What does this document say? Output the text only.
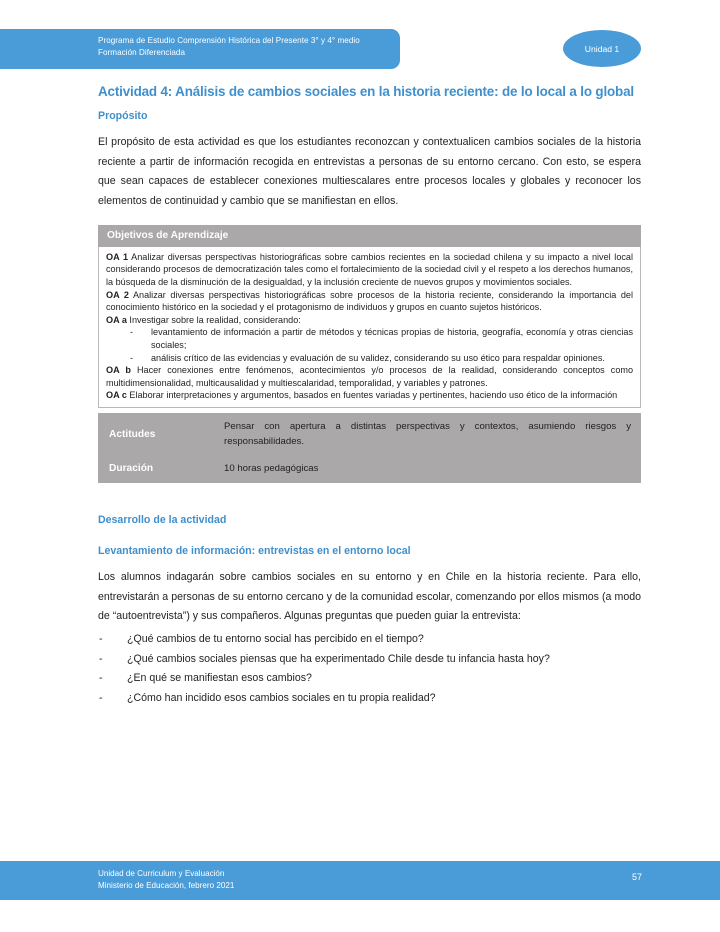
Programa de Estudio Comprensión Histórica del Presente 3° y 4° medio
Formación Diferenciada	Unidad 1
Actividad 4: Análisis de cambios sociales en la historia reciente: de lo local a lo global
Propósito

El propósito de esta actividad es que los estudiantes reconozcan y contextualicen cambios sociales de la historia reciente a partir de información recogida en entrevistas a personas de su entorno cercano. Con esto, se espera que sean capaces de establecer conexiones multiescalares entre procesos locales y globales y reconocer los elementos de continuidad y cambio que se manifiestan en ellos.

Objetivos de Aprendizaje

OA 1 Analizar diversas perspectivas historiográficas sobre cambios recientes en la sociedad chilena y su impacto a nivel local considerando procesos de democratización tales como el fortalecimiento de la sociedad civil y el respeto a los derechos humanos, la búsqueda de la disminución de la desigualdad, y la inclusión creciente de nuevos grupos y movimientos sociales.

OA 2 Analizar diversas perspectivas historiográficas sobre procesos de la historia reciente, considerando la importancia del conocimiento histórico en la sociedad y el protagonismo de individuos y grupos en cuanto sujetos históricos.

OA a Investigar sobre la realidad, considerando:

- levantamiento de información a partir de métodos y técnicas propias de historia, geografía, economía y otras ciencias sociales;
- análisis crítico de las evidencias y evaluación de su validez, considerando su uso ético para respaldar opiniones.

OA b Hacer conexiones entre fenómenos, acontecimientos y/o procesos de la realidad, considerando conceptos como multidimensionalidad, multicausalidad y multiescalaridad, temporalidad, y variables y patrones.

OA c Elaborar interpretaciones y argumentos, basados en fuentes variadas y pertinentes, haciendo uso ético de la información

Actitudes	Pensar con apertura a distintas perspectivas y contextos, asumiendo riesgos y responsabilidades.
Duración	10 horas pedagógicas
Desarrollo de la actividad
Levantamiento de información: entrevistas en el entorno local

Los alumnos indagarán sobre cambios sociales en su entorno y en Chile en la historia reciente. Para ello, entrevistarán a personas de su entorno cercano y de la comunidad escolar, comenzando por ellos mismos (a modo de “autoentrevista”) y sus compañeros. Algunas preguntas que pueden guiar la entrevista:

- ¿Qué cambios de tu entorno social has percibido en el tiempo?
- ¿Qué cambios sociales piensas que ha experimentado Chile desde tu infancia hasta hoy?
- ¿En qué se manifiestan esos cambios?
- ¿Cómo han incidido esos cambios sociales en tu propia realidad?
Unidad de Curriculum y Evaluación
Ministerio de Educación, febrero 2021
57
